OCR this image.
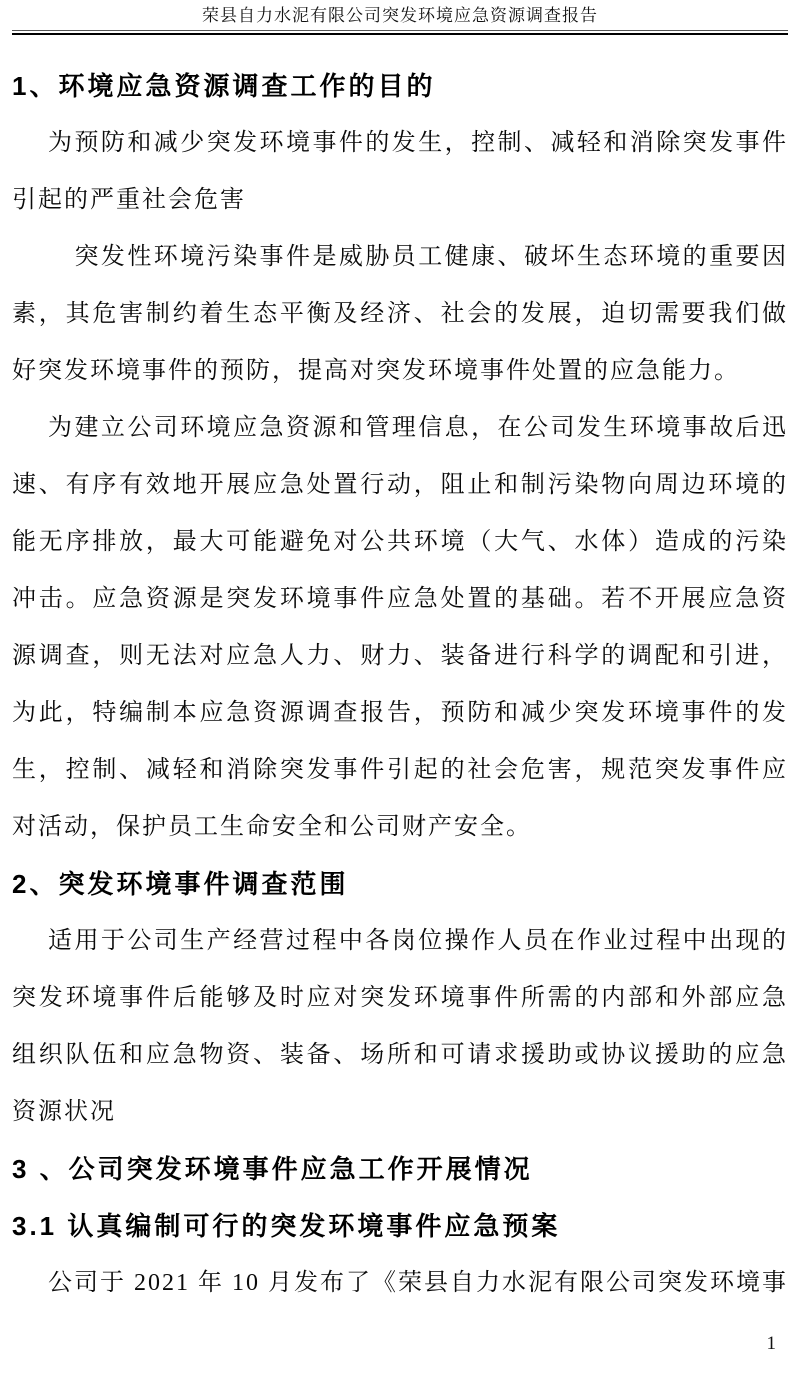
荣县自力水泥有限公司突发环境应急资源调查报告
1、环境应急资源调查工作的目的

为预防和减少突发环境事件的发生，控制、减轻和消除突发事件引起的严重社会危害

　突发性环境污染事件是威胁员工健康、破坏生态环境的重要因素，其危害制约着生态平衡及经济、社会的发展，迫切需要我们做好突发环境事件的预防，提高对突发环境事件处置的应急能力。

为建立公司环境应急资源和管理信息，在公司发生环境事故后迅速、有序有效地开展应急处置行动，阻止和制污染物向周边环境的能无序排放，最大可能避免对公共环境（大气、水体）造成的污染冲击。应急资源是突发环境事件应急处置的基础。若不开展应急资源调查，则无法对应急人力、财力、装备进行科学的调配和引进，为此，特编制本应急资源调查报告，预防和减少突发环境事件的发生，控制、减轻和消除突发事件引起的社会危害，规范突发事件应对活动，保护员工生命安全和公司财产安全。

2、突发环境事件调查范围

适用于公司生产经营过程中各岗位操作人员在作业过程中出现的突发环境事件后能够及时应对突发环境事件所需的内部和外部应急组织队伍和应急物资、装备、场所和可请求援助或协议援助的应急资源状况

3 、公司突发环境事件应急工作开展情况
3.1 认真编制可行的突发环境事件应急预案

公司于 2021 年 10 月发布了《荣县自力水泥有限公司突发环境事

1
